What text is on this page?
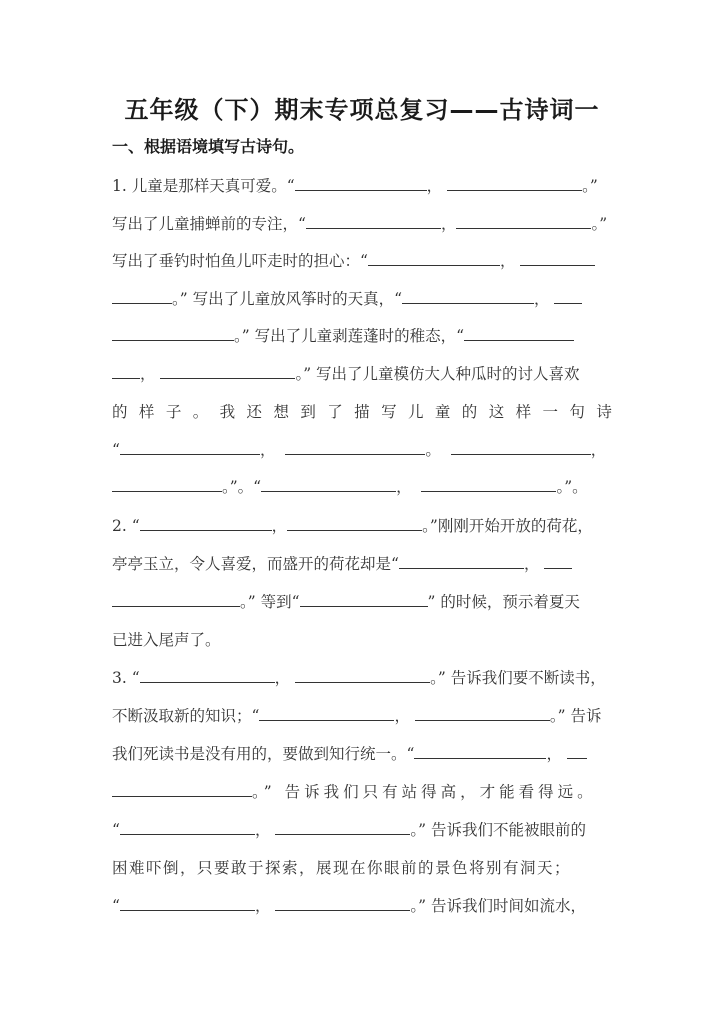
五年级（下）期末专项总复习——古诗词一
一、根据语境填写古诗句。
1. 儿童是那样天真可爱。“	，	。”
写出了儿童捕蝉前的专注，“	，	。”
写出了垂钓时怕鱼儿吓走时的担心：“	，
。” 写出了儿童放风筝时的天真，“	，
。” 写出了儿童剥莲蓬时的稚态，“
，	。” 写出了儿童模仿大人种瓜时的讨人喜欢
的 样 子 。 我 还 想 到 了 描 写 儿 童 的 这 样 一 句 诗
“	，	。	，
。”。“	，	。”。
2. “	，	。”刚刚开始开放的荷花，
亭亭玉立，令人喜爱，而盛开的荷花却是“	，
。” 等到“	” 的时候，预示着夏天
已进入尾声了。
3. “	，	。” 告诉我们要不断读书，
不断汲取新的知识；“	，	。” 告诉
我们死读书是没有用的，要做到知行统一。“	，
。” 告诉我们只有站得高，才能看得远。
“	，	。” 告诉我们不能被眼前的
困难吓倒，只要敢于探索，展现在你眼前的景色将别有洞天；
“	，	。” 告诉我们时间如流水，
